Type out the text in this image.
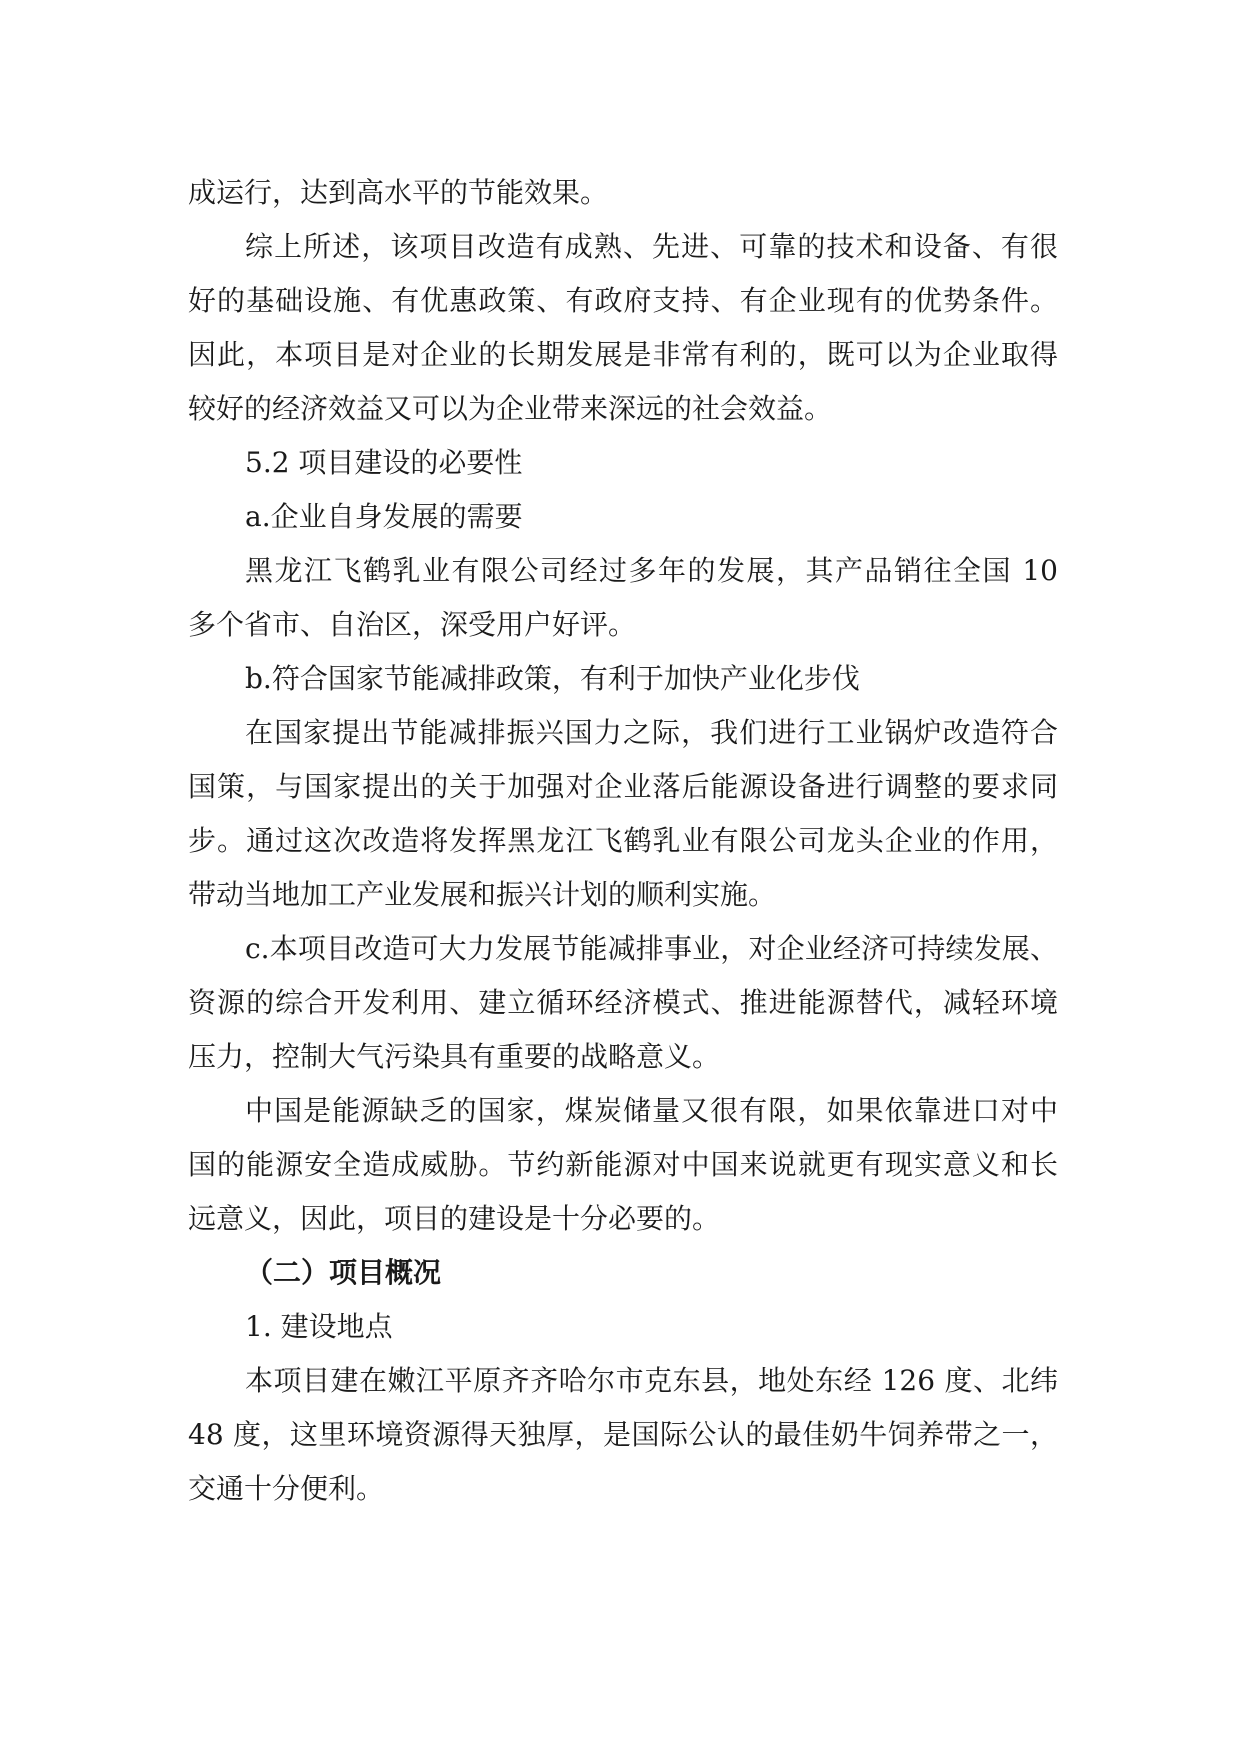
成运行，达到高水平的节能效果。
综上所述，该项目改造有成熟、先进、可靠的技术和设备、有很
好的基础设施、有优惠政策、有政府支持、有企业现有的优势条件。
因此，本项目是对企业的长期发展是非常有利的，既可以为企业取得
较好的经济效益又可以为企业带来深远的社会效益。
5.2 项目建设的必要性
a.企业自身发展的需要
黑龙江飞鹤乳业有限公司经过多年的发展，其产品销往全国 10
多个省市、自治区，深受用户好评。
b.符合国家节能减排政策，有利于加快产业化步伐
在国家提出节能减排振兴国力之际，我们进行工业锅炉改造符合
国策，与国家提出的关于加强对企业落后能源设备进行调整的要求同
步。通过这次改造将发挥黑龙江飞鹤乳业有限公司龙头企业的作用，
带动当地加工产业发展和振兴计划的顺利实施。
c.本项目改造可大力发展节能减排事业，对企业经济可持续发展、
资源的综合开发利用、建立循环经济模式、推进能源替代，减轻环境
压力，控制大气污染具有重要的战略意义。
中国是能源缺乏的国家，煤炭储量又很有限，如果依靠进口对中
国的能源安全造成威胁。节约新能源对中国来说就更有现实意义和长
远意义，因此，项目的建设是十分必要的。
（二）项目概况
1. 建设地点
本项目建在嫩江平原齐齐哈尔市克东县，地处东经 126 度、北纬
48 度，这里环境资源得天独厚，是国际公认的最佳奶牛饲养带之一，
交通十分便利。
